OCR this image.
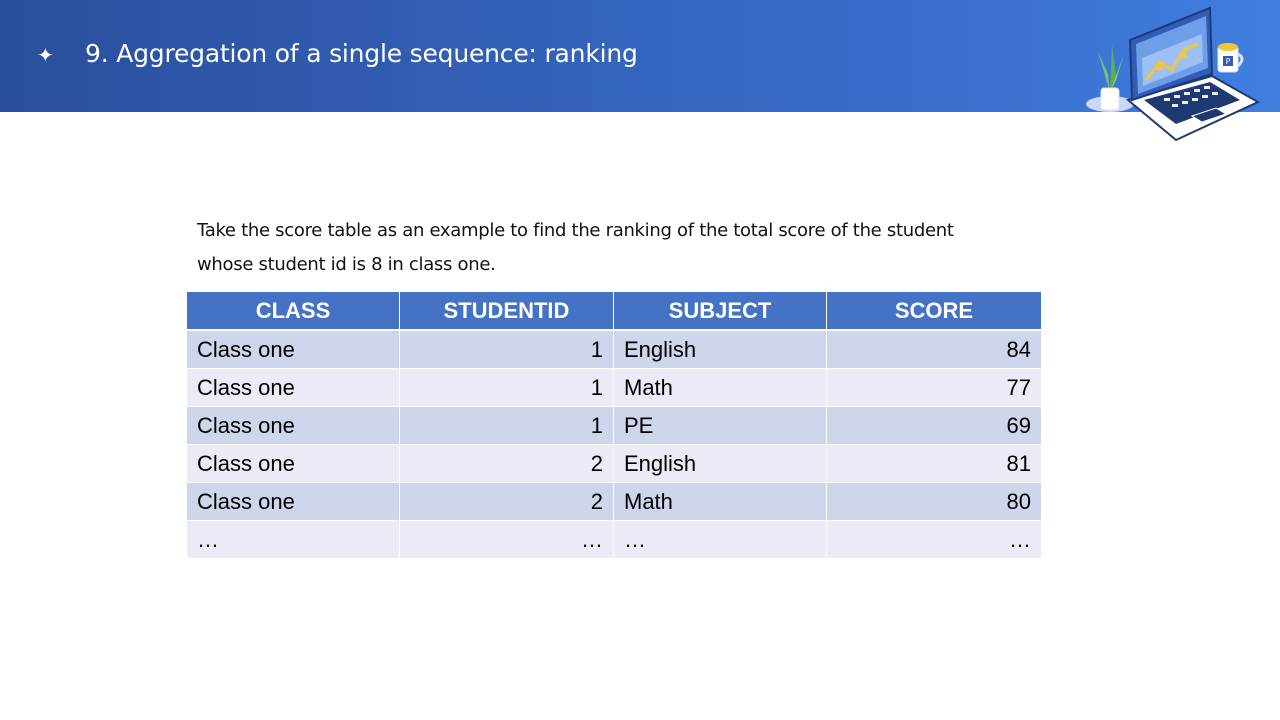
✦ 9. Aggregation of a single sequence: ranking	P
Take the score table as an example to find the ranking of the total score of the student
whose student id is 8 in class one.
CLASS	STUDENTID	SUBJECT	SCORE
Class one	1	English	84
Class one	1	Math	77
Class one	1	PE	69
Class one	2	English	81
Class one	2	Math	80
…	…	…	…
